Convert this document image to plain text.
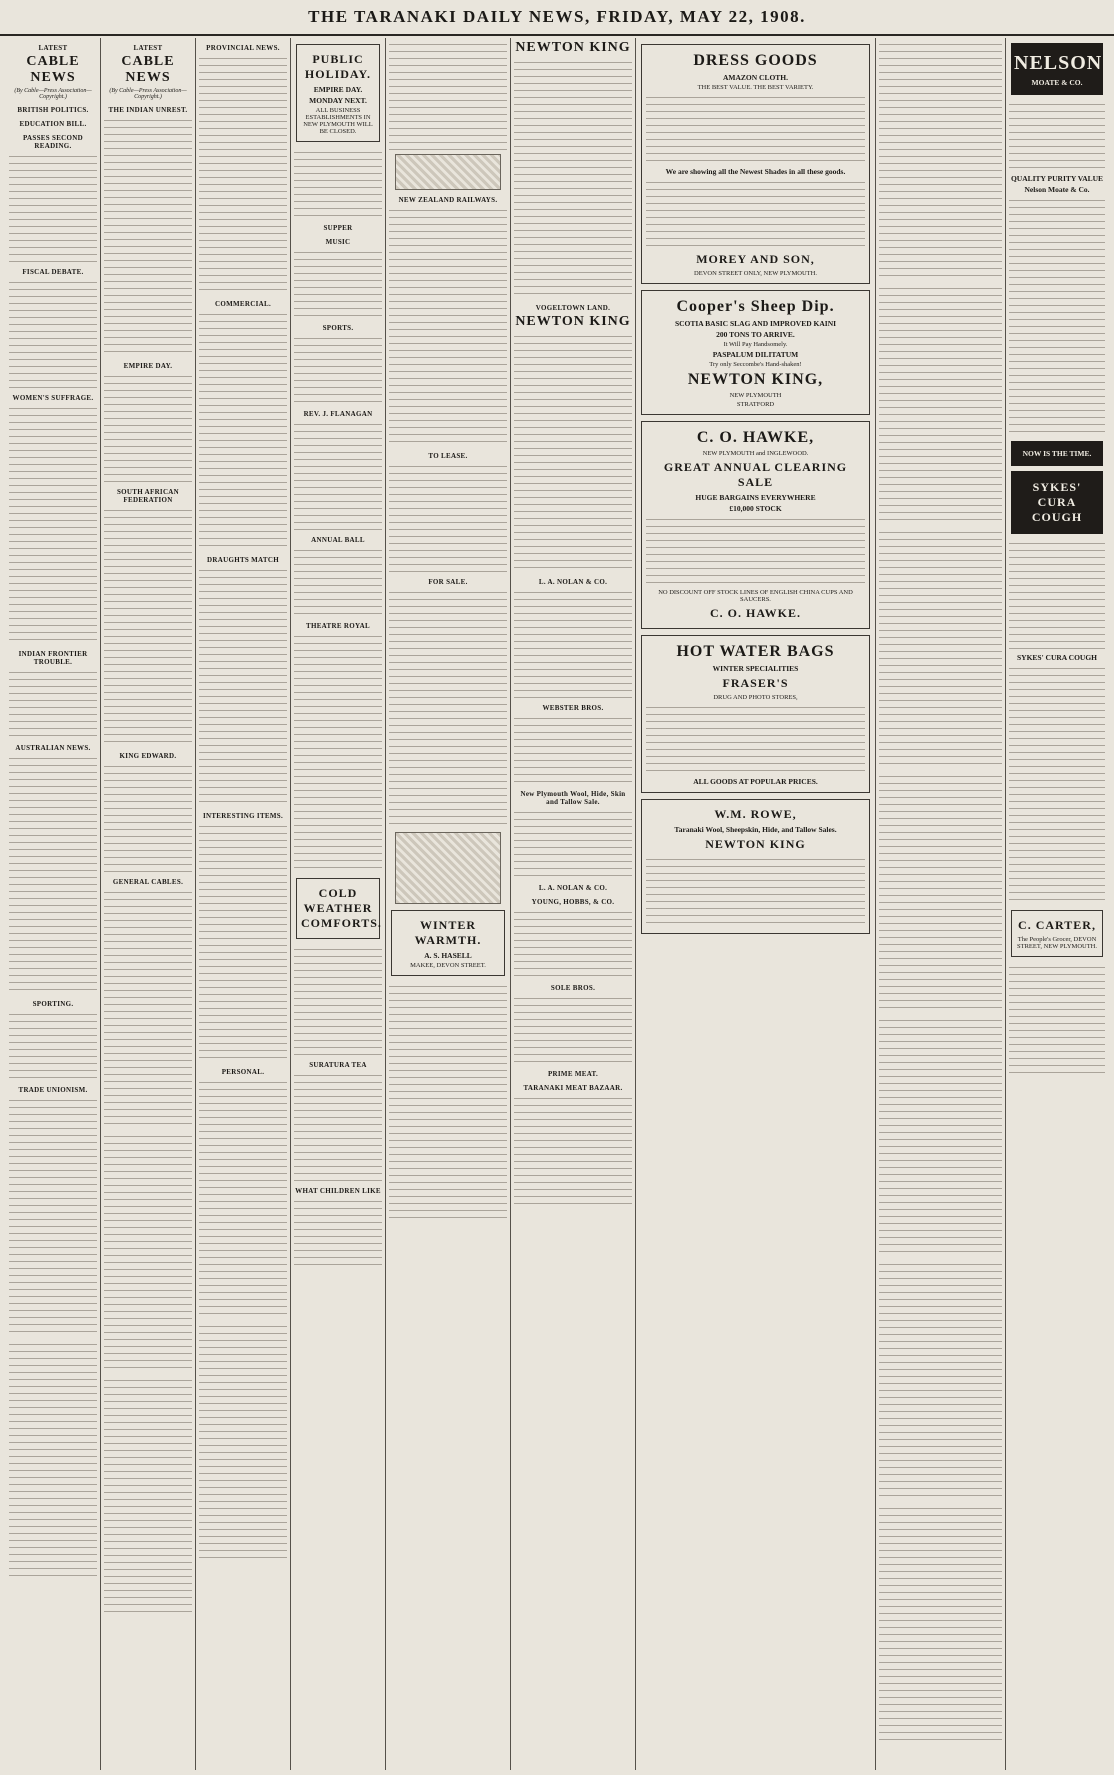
THE TARANAKI DAILY NEWS, FRIDAY, MAY 22, 1908.
LATEST
CABLE NEWS
(By Cable—Press Association—Copyright.)
BRITISH POLITICS.
EDUCATION BILL.
PASSES SECOND READING.
FISCAL DEBATE.
WOMEN'S SUFFRAGE.
INDIAN FRONTIER TROUBLE.
AUSTRALIAN NEWS.
SPORTING.
TRADE UNIONISM.
LATEST
CABLE NEWS
(By Cable—Press Association—Copyright.)
THE INDIAN UNREST.
EMPIRE DAY.
SOUTH AFRICAN FEDERATION
KING EDWARD.
GENERAL CABLES.
PROVINCIAL NEWS.
COMMERCIAL.
DRAUGHTS MATCH
INTERESTING ITEMS.
PERSONAL.
PUBLIC HOLIDAY.
EMPIRE DAY.
MONDAY NEXT.
ALL BUSINESS ESTABLISHMENTS IN NEW PLYMOUTH WILL BE CLOSED.
SUPPER
MUSIC
SPORTS.
REV. J. FLANAGAN
ANNUAL BALL
THEATRE ROYAL
COLD WEATHER COMFORTS.
SURATURA TEA
WHAT CHILDREN LIKE
NEW ZEALAND RAILWAYS.
TO LEASE.
FOR SALE.
WINTER WARMTH.
A. S. HASELL
MAKEE, DEVON STREET.
NEWTON KING
VOGELTOWN LAND.
NEWTON KING
L. A. NOLAN & CO.
WEBSTER BROS.
New Plymouth Wool, Hide, Skin and Tallow Sale.
L. A. NOLAN & CO.
YOUNG, HOBBS, & CO.
SOLE BROS.
PRIME MEAT.
TARANAKI MEAT BAZAAR.
DRESS GOODS
AMAZON CLOTH.
THE BEST VALUE. THE BEST VARIETY.
We are showing all the Newest Shades in all these goods.
MOREY AND SON,
DEVON STREET ONLY, NEW PLYMOUTH.
Cooper's Sheep Dip.
SCOTIA BASIC SLAG AND IMPROVED KAINI
200 TONS TO ARRIVE.
It Will Pay Handsomely.
PASPALUM DILITATUM
Try only Seccombe's Hand-shaken!
NEWTON KING,
NEW PLYMOUTH
STRATFORD
C. O. HAWKE,
NEW PLYMOUTH and INGLEWOOD.
GREAT ANNUAL CLEARING SALE
HUGE BARGAINS EVERYWHERE
£10,000 STOCK
NO DISCOUNT OFF STOCK LINES OF ENGLISH CHINA CUPS AND SAUCERS.
C. O. HAWKE.
HOT WATER BAGS
WINTER SPECIALITIES
FRASER'S
DRUG AND PHOTO STORES,
ALL GOODS AT POPULAR PRICES.
W.M. ROWE,
Taranaki Wool, Sheepskin, Hide, and Tallow Sales.
NEWTON KING
NELSON
MOATE & CO.
QUALITY PURITY VALUE
Nelson Moate & Co.
NOW IS THE TIME.
SYKES' CURA COUGH
SYKES' CURA COUGH
C. CARTER,
The People's Grocer, DEVON STREET, NEW PLYMOUTH.
